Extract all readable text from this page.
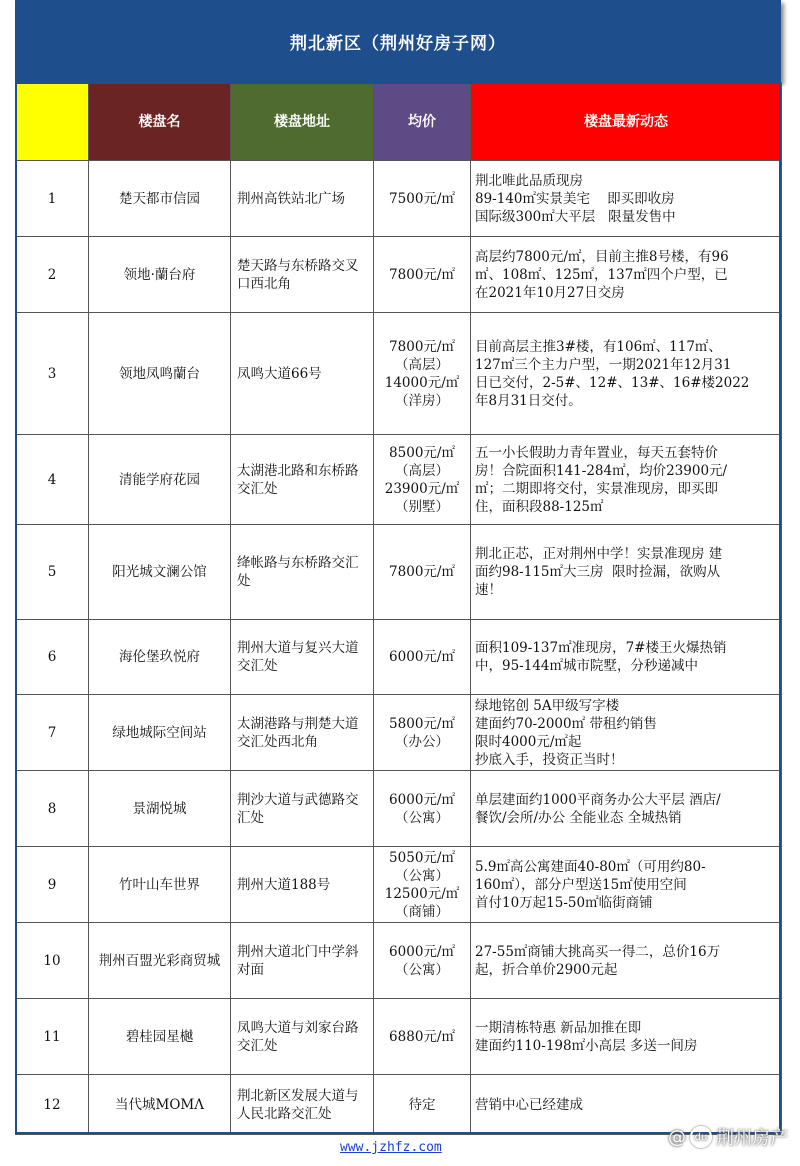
荆北新区（荆州好房子网）
	楼盘名	楼盘地址	均价	楼盘最新动态
1	楚天都市信园	荆州高铁站北广场	7500元/㎡	荆北唯此品质现房
89-140㎡实景美宅    即买即收房
国际级300㎡大平层   限量发售中

2	领地·蘭台府	楚天路与东桥路交叉口西北角	7800元/㎡	高层约7800元/㎡，目前主推8号楼，有96
㎡、108㎡、125㎡，137㎡四个户型，已
在2021年10月27日交房

3	领地凤鸣蘭台	凤鸣大道66号	7800元/㎡
（高层）
14000元/㎡
（洋房）	目前高层主推3#楼，有106㎡、117㎡、
127㎡三个主力户型，一期2021年12月31
日已交付，2-5#、12#、13#、16#楼2022
年8月31日交付。

4	清能学府花园	太湖港北路和东桥路交汇处	8500元/㎡
（高层）
23900元/㎡
（别墅）	五一小长假助力青年置业，每天五套特价
房！合院面积141-284㎡，均价23900元/
㎡；二期即将交付，实景准现房，即买即
住，面积段88-125㎡

5	阳光城文澜公馆	绛帐路与东桥路交汇处	7800元/㎡	荆北正芯，正对荆州中学！实景准现房 建
面约98-115㎡大三房  限时捡漏，欲购从
速！

6	海伦堡玖悦府	荆州大道与复兴大道交汇处	6000元/㎡	面积109-137㎡准现房，7#楼王火爆热销
中，95-144㎡城市院墅，分秒递减中

7	绿地城际空间站	太湖港路与荆楚大道交汇处西北角	5800元/㎡
（办公）	绿地铭创 5A甲级写字楼
建面约70-2000㎡ 带租约销售
限时4000元/㎡起
抄底入手，投资正当时！

8	景湖悦城	荆沙大道与武德路交汇处	6000元/㎡
（公寓）	单层建面约1000平商务办公大平层 酒店/
餐饮/会所/办公 全能业态 全城热销

9	竹叶山车世界	荆州大道188号	5050元/㎡
（公寓）
12500元/㎡
（商铺）	5.9㎡高公寓建面40-80㎡（可用约80-
160㎡），部分户型送15㎡使用空间
首付10万起15-50㎡临街商铺

10	荆州百盟光彩商贸城	荆州大道北门中学斜对面	6000元/㎡
（公寓）	27-55㎡商铺大挑高买一得二，总价16万
起，折合单价2900元起

11	碧桂园星樾	凤鸣大道与刘家台路交汇处	6880元/㎡	一期清栋特惠 新品加推在即
建面约110-198㎡小高层 多送一间房

12	当代城MOMΛ	荆北新区发展大道与人民北路交汇处	待定	营销中心已经建成
www.jzhfz.com	@ du 荆州房产
